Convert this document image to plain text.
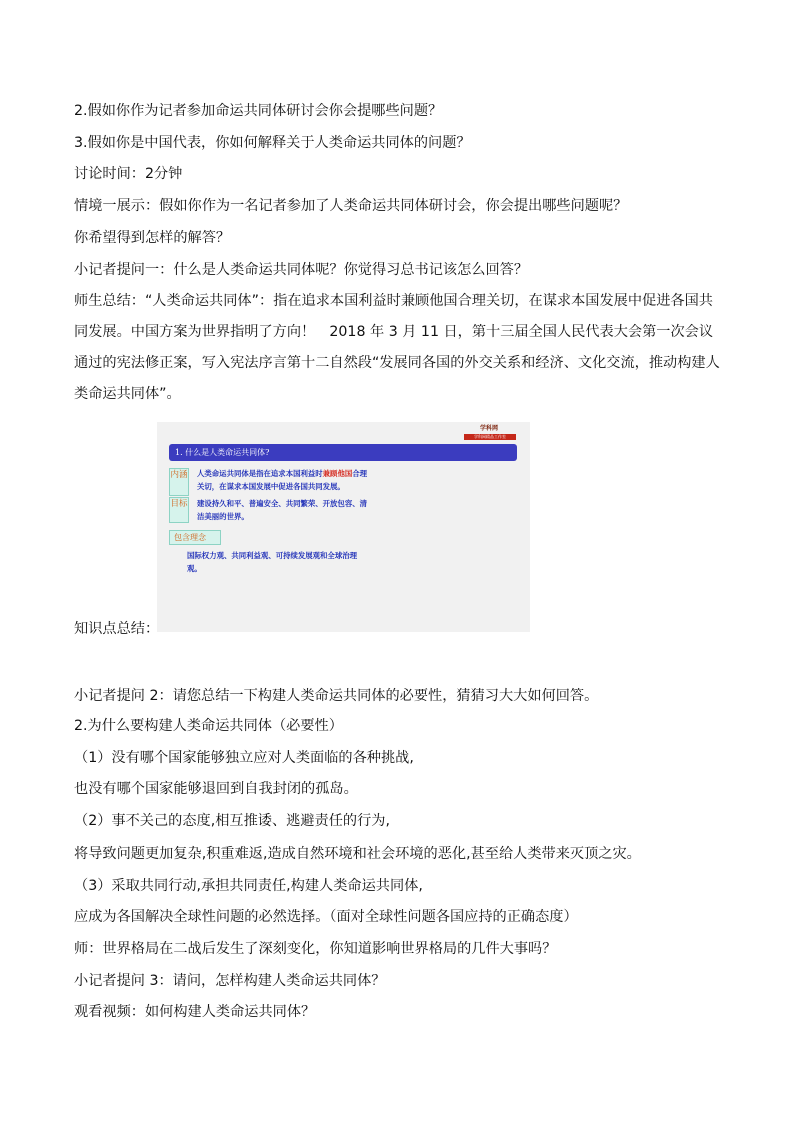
2.假如你作为记者参加命运共同体研讨会你会提哪些问题？
3.假如你是中国代表，你如何解释关于人类命运共同体的问题？
讨论时间：2分钟
情境一展示：假如你作为一名记者参加了人类命运共同体研讨会，你会提出哪些问题呢？
你希望得到怎样的解答？
小记者提问一：什么是人类命运共同体呢？你觉得习总书记该怎么回答？
师生总结：“人类命运共同体”：指在追求本国利益时兼顾他国合理关切，在谋求本国发展中促进各国共同发展。中国方案为世界指明了方向！　2018 年 3 月 11 日，第十三届全国人民代表大会第一次会议通过的宪法修正案，写入宪法序言第十二自然段“发展同各国的外交关系和经济、文化交流，推动构建人类命运共同体”。
学科网
学科网精品工作室
1. 什么是人类命运共同体?
内涵
目标
人类命运共同体是指在追求本国利益时兼顾他国合理
关切，在谋求本国发展中促进各国共同发展。
建设持久和平、普遍安全、共同繁荣、开放包容、清
洁美丽的世界。
包含理念
国际权力观、共同利益观、可持续发展观和全球治理
观。
知识点总结：
小记者提问 2：请您总结一下构建人类命运共同体的必要性，猜猜习大大如何回答。
2.为什么要构建人类命运共同体（必要性）
（1）没有哪个国家能够独立应对人类面临的各种挑战,
也没有哪个国家能够退回到自我封闭的孤岛。
（2）事不关己的态度,相互推诿、逃避责任的行为,
将导致问题更加复杂,积重难返,造成自然环境和社会环境的恶化,甚至给人类带来灭顶之灾。
（3）采取共同行动,承担共同责任,构建人类命运共同体,
应成为各国解决全球性问题的必然选择。（面对全球性问题各国应持的正确态度）
师：世界格局在二战后发生了深刻变化，你知道影响世界格局的几件大事吗？
小记者提问 3：请问，怎样构建人类命运共同体？
观看视频：如何构建人类命运共同体？
